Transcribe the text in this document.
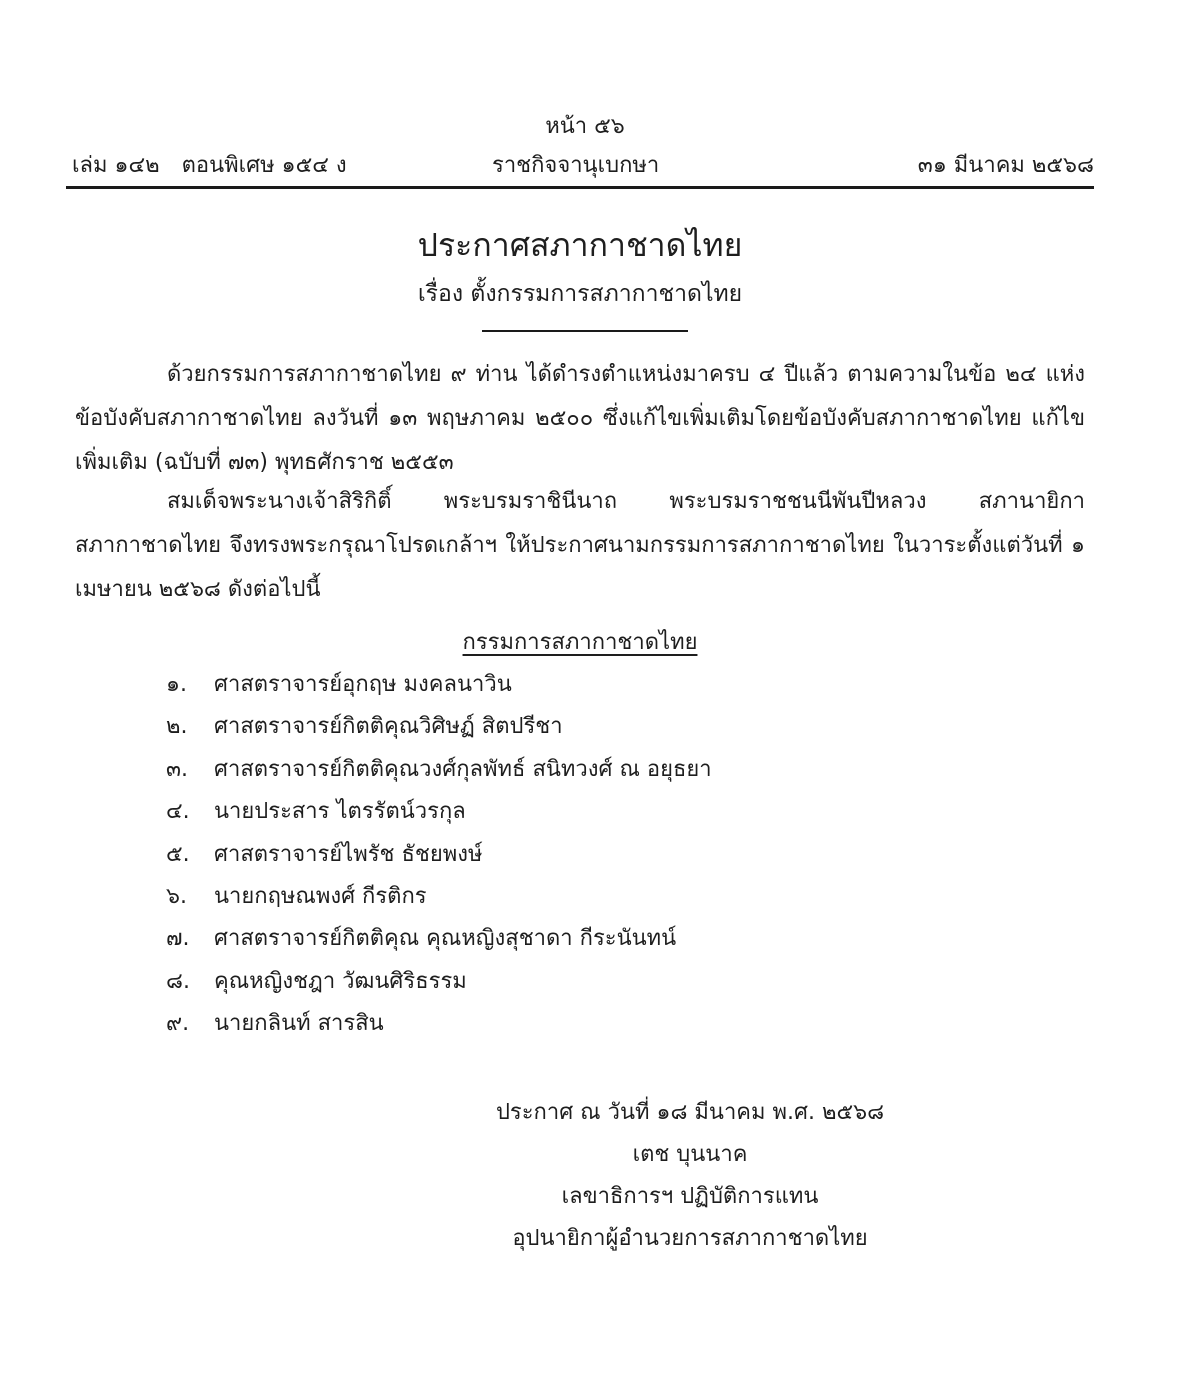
หน้า ๕๖
เล่ม ๑๔๒ ตอนพิเศษ ๑๕๔ ง	ราชกิจจานุเบกษา	๓๑ มีนาคม ๒๕๖๘
ประกาศสภากาชาดไทย
เรื่อง ตั้งกรรมการสภากาชาดไทย
ด้วยกรรมการสภากาชาดไทย ๙ ท่าน ได้ดำรงตำแหน่งมาครบ ๔ ปีแล้ว ตามความในข้อ ๒๔ แห่งข้อบังคับสภากาชาดไทย ลงวันที่ ๑๓ พฤษภาคม ๒๕๐๐ ซึ่งแก้ไขเพิ่มเติมโดยข้อบังคับสภากาชาดไทย แก้ไขเพิ่มเติม (ฉบับที่ ๗๓) พุทธศักราช ๒๕๕๓
สมเด็จพระนางเจ้าสิริกิติ์ พระบรมราชินีนาถ พระบรมราชชนนีพันปีหลวง สภานายิกาสภากาชาดไทย จึงทรงพระกรุณาโปรดเกล้าฯ ให้ประกาศนามกรรมการสภากาชาดไทย ในวาระตั้งแต่วันที่ ๑ เมษายน ๒๕๖๘ ดังต่อไปนี้
กรรมการสภากาชาดไทย
๑. ศาสตราจารย์อุกฤษ มงคลนาวิน
๒. ศาสตราจารย์กิตติคุณวิศิษฏ์ สิตปรีชา
๓. ศาสตราจารย์กิตติคุณวงศ์กุลพัทธ์ สนิทวงศ์ ณ อยุธยา
๔. นายประสาร ไตรรัตน์วรกุล
๕. ศาสตราจารย์ไพรัช ธัชยพงษ์
๖. นายกฤษณพงศ์ กีรติกร
๗. ศาสตราจารย์กิตติคุณ คุณหญิงสุชาดา กีระนันทน์
๘. คุณหญิงชฎา วัฒนศิริธรรม
๙. นายกลินท์ สารสิน
ประกาศ ณ วันที่ ๑๘ มีนาคม พ.ศ. ๒๕๖๘
เตช บุนนาค
เลขาธิการฯ ปฏิบัติการแทน
อุปนายิกาผู้อำนวยการสภากาชาดไทย
